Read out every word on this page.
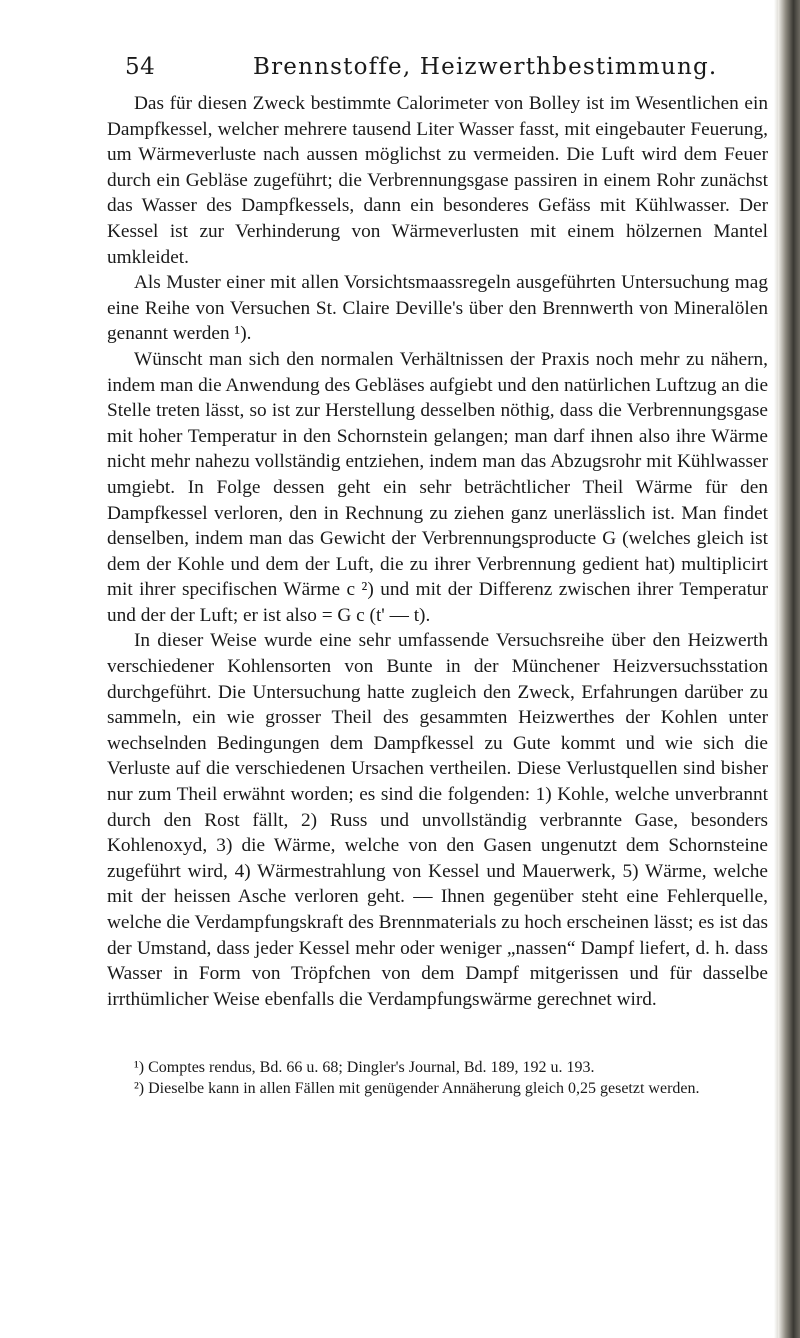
54	Brennstoffe, Heizwerthbestimmung.

Das für diesen Zweck bestimmte Calorimeter von Bolley ist im Wesentlichen ein Dampfkessel, welcher mehrere tausend Liter Wasser fasst, mit eingebauter Feuerung, um Wärmeverluste nach aussen möglichst zu vermeiden. Die Luft wird dem Feuer durch ein Gebläse zugeführt; die Verbrennungsgase passiren in einem Rohr zunächst das Wasser des Dampfkessels, dann ein besonderes Gefäss mit Kühlwasser. Der Kessel ist zur Verhinderung von Wärmeverlusten mit einem hölzernen Mantel umkleidet.

Als Muster einer mit allen Vorsichtsmaassregeln ausgeführten Untersuchung mag eine Reihe von Versuchen St. Claire Deville's über den Brennwerth von Mineralölen genannt werden ¹).

Wünscht man sich den normalen Verhältnissen der Praxis noch mehr zu nähern, indem man die Anwendung des Gebläses aufgiebt und den natürlichen Luftzug an die Stelle treten lässt, so ist zur Herstellung desselben nöthig, dass die Verbrennungsgase mit hoher Temperatur in den Schornstein gelangen; man darf ihnen also ihre Wärme nicht mehr nahezu vollständig entziehen, indem man das Abzugsrohr mit Kühlwasser umgiebt. In Folge dessen geht ein sehr beträchtlicher Theil Wärme für den Dampfkessel verloren, den in Rechnung zu ziehen ganz unerlässlich ist. Man findet denselben, indem man das Gewicht der Verbrennungsproducte G (welches gleich ist dem der Kohle und dem der Luft, die zu ihrer Verbrennung gedient hat) multiplicirt mit ihrer specifischen Wärme c ²) und mit der Differenz zwischen ihrer Temperatur und der der Luft; er ist also = G c (t' — t).

In dieser Weise wurde eine sehr umfassende Versuchsreihe über den Heizwerth verschiedener Kohlensorten von Bunte in der Münchener Heizversuchsstation durchgeführt. Die Untersuchung hatte zugleich den Zweck, Erfahrungen darüber zu sammeln, ein wie grosser Theil des gesammten Heizwerthes der Kohlen unter wechselnden Bedingungen dem Dampfkessel zu Gute kommt und wie sich die Verluste auf die verschiedenen Ursachen vertheilen. Diese Verlustquellen sind bisher nur zum Theil erwähnt worden; es sind die folgenden: 1) Kohle, welche unverbrannt durch den Rost fällt, 2) Russ und unvollständig verbrannte Gase, besonders Kohlenoxyd, 3) die Wärme, welche von den Gasen ungenutzt dem Schornsteine zugeführt wird, 4) Wärmestrahlung von Kessel und Mauerwerk, 5) Wärme, welche mit der heissen Asche verloren geht. — Ihnen gegenüber steht eine Fehlerquelle, welche die Verdampfungskraft des Brennmaterials zu hoch erscheinen lässt; es ist das der Umstand, dass jeder Kessel mehr oder weniger „nassen“ Dampf liefert, d. h. dass Wasser in Form von Tröpfchen von dem Dampf mitgerissen und für dasselbe irrthümlicher Weise ebenfalls die Verdampfungswärme gerechnet wird.

¹) Comptes rendus, Bd. 66 u. 68; Dingler's Journal, Bd. 189, 192 u. 193.

²) Dieselbe kann in allen Fällen mit genügender Annäherung gleich 0,25 gesetzt werden.
